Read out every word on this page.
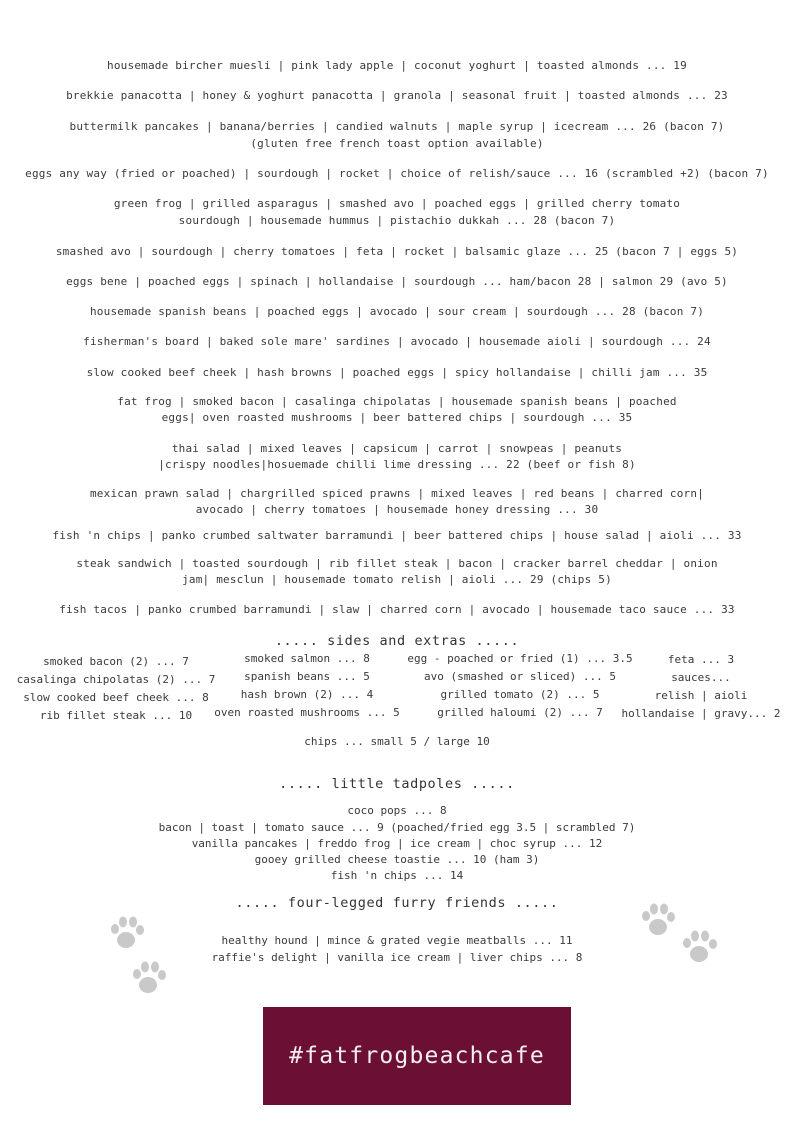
housemade bircher muesli | pink lady apple | coconut yoghurt | toasted almonds ... 19
brekkie panacotta | honey & yoghurt panacotta | granola | seasonal fruit | toasted almonds ... 23
buttermilk pancakes | banana/berries | candied walnuts | maple syrup | icecream ... 26 (bacon 7)
(gluten free french toast option available)
eggs any way (fried or poached) | sourdough | rocket | choice of relish/sauce ... 16 (scrambled +2) (bacon 7)
green frog | grilled asparagus | smashed avo | poached eggs | grilled cherry tomato
sourdough | housemade hummus | pistachio dukkah ... 28 (bacon 7)
smashed avo | sourdough | cherry tomatoes | feta | rocket | balsamic glaze ... 25 (bacon 7 | eggs 5)
eggs bene | poached eggs | spinach | hollandaise | sourdough ... ham/bacon 28 | salmon 29 (avo 5)
housemade spanish beans | poached eggs | avocado | sour cream | sourdough ... 28 (bacon 7)
fisherman's board | baked sole mare' sardines | avocado | housemade aioli | sourdough ... 24
slow cooked beef cheek | hash browns | poached eggs | spicy hollandaise | chilli jam ... 35
fat frog | smoked bacon | casalinga chipolatas | housemade spanish beans | poached
eggs| oven roasted mushrooms | beer battered chips | sourdough ... 35
thai salad | mixed leaves | capsicum | carrot | snowpeas | peanuts
|crispy noodles|hosuemade chilli lime dressing ... 22 (beef or fish 8)
mexican prawn salad | chargrilled spiced prawns | mixed leaves | red beans | charred corn|
avocado | cherry tomatoes | housemade honey dressing ... 30
fish 'n chips | panko crumbed saltwater barramundi | beer battered chips | house salad | aioli ... 33
steak sandwich | toasted sourdough | rib fillet steak | bacon | cracker barrel cheddar | onion
jam| mesclun | housemade tomato relish | aioli ... 29 (chips 5)
fish tacos | panko crumbed barramundi | slaw | charred corn | avocado | housemade taco sauce ... 33
..... sides and extras .....
smoked bacon (2) ... 7
casalinga chipolatas (2) ... 7
slow cooked beef cheek ... 8
rib fillet steak ... 10
smoked salmon ... 8
spanish beans ... 5
hash brown (2) ... 4
oven roasted mushrooms ... 5
egg - poached or fried (1) ... 3.5
avo (smashed or sliced) ... 5
grilled tomato (2) ... 5
grilled haloumi (2) ... 7
feta ... 3
sauces...
relish | aioli
hollandaise | gravy... 2
chips ... small 5 / large 10
..... little tadpoles .....
coco pops ... 8
bacon | toast | tomato sauce ... 9 (poached/fried egg 3.5 | scrambled 7)
vanilla pancakes | freddo frog | ice cream | choc syrup ... 12
gooey grilled cheese toastie ... 10 (ham 3)
fish 'n chips ... 14
..... four-legged furry friends .....
healthy hound | mince & grated vegie meatballs ... 11
raffie's delight | vanilla ice cream | liver chips ... 8
#fatfrogbeachcafe
